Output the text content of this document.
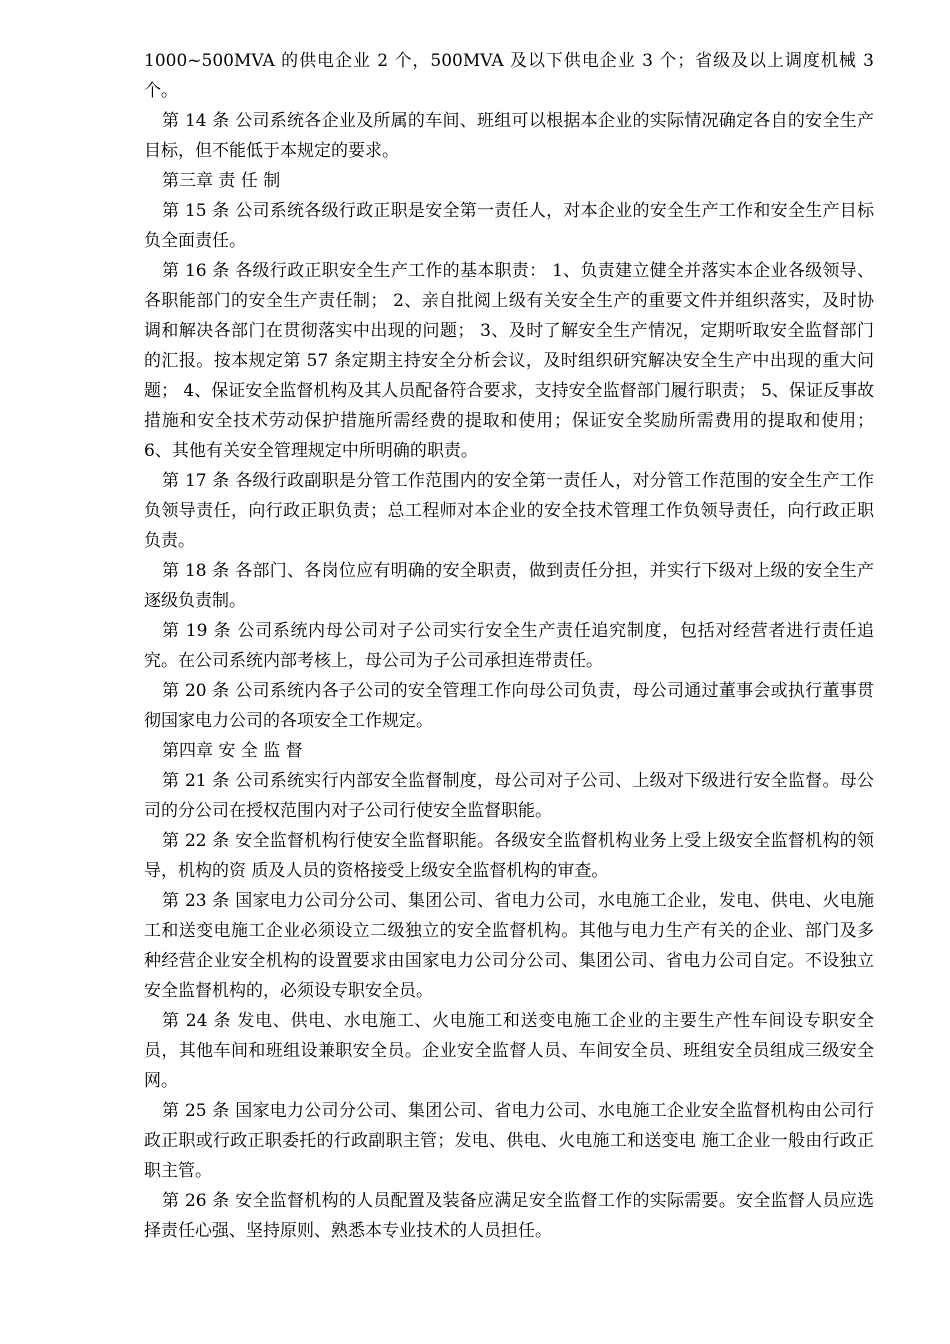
1000~500MVA 的供电企业 2 个，500MVA 及以下供电企业 3 个；省级及以上调度机械 3 个。

第 14 条 公司系统各企业及所属的车间、班组可以根据本企业的实际情况确定各自的安全生产目标，但不能低于本规定的要求。

第三章 责 任 制

第 15 条 公司系统各级行政正职是安全第一责任人，对本企业的安全生产工作和安全生产目标负全面责任。

第 16 条 各级行政正职安全生产工作的基本职责： 1、负责建立健全并落实本企业各级领导、各职能部门的安全生产责任制； 2、亲自批阅上级有关安全生产的重要文件并组织落实，及时协调和解决各部门在贯彻落实中出现的问题； 3、及时了解安全生产情况，定期听取安全监督部门的汇报。按本规定第 57 条定期主持安全分析会议，及时组织研究解决安全生产中出现的重大问题； 4、保证安全监督机构及其人员配备符合要求，支持安全监督部门履行职责； 5、保证反事故措施和安全技术劳动保护措施所需经费的提取和使用；保证安全奖励所需费用的提取和使用； 6、其他有关安全管理规定中所明确的职责。

第 17 条 各级行政副职是分管工作范围内的安全第一责任人，对分管工作范围的安全生产工作负领导责任，向行政正职负责；总工程师对本企业的安全技术管理工作负领导责任，向行政正职负责。

第 18 条 各部门、各岗位应有明确的安全职责，做到责任分担，并实行下级对上级的安全生产逐级负责制。

第 19 条 公司系统内母公司对子公司实行安全生产责任追究制度，包括对经营者进行责任追究。在公司系统内部考核上，母公司为子公司承担连带责任。

第 20 条 公司系统内各子公司的安全管理工作向母公司负责，母公司通过董事会或执行董事贯彻国家电力公司的各项安全工作规定。

第四章 安 全 监 督

第 21 条 公司系统实行内部安全监督制度，母公司对子公司、上级对下级进行安全监督。母公司的分公司在授权范围内对子公司行使安全监督职能。

第 22 条 安全监督机构行使安全监督职能。各级安全监督机构业务上受上级安全监督机构的领导，机构的资 质及人员的资格接受上级安全监督机构的审查。

第 23 条 国家电力公司分公司、集团公司、省电力公司，水电施工企业，发电、供电、火电施工和送变电施工企业必须设立二级独立的安全监督机构。其他与电力生产有关的企业、部门及多种经营企业安全机构的设置要求由国家电力公司分公司、集团公司、省电力公司自定。不设独立安全监督机构的，必须设专职安全员。

第 24 条 发电、供电、水电施工、火电施工和送变电施工企业的主要生产性车间设专职安全员，其他车间和班组设兼职安全员。企业安全监督人员、车间安全员、班组安全员组成三级安全网。

第 25 条 国家电力公司分公司、集团公司、省电力公司、水电施工企业安全监督机构由公司行政正职或行政正职委托的行政副职主管；发电、供电、火电施工和送变电 施工企业一般由行政正职主管。

第 26 条 安全监督机构的人员配置及装备应满足安全监督工作的实际需要。安全监督人员应选择责任心强、坚持原则、熟悉本专业技术的人员担任。
